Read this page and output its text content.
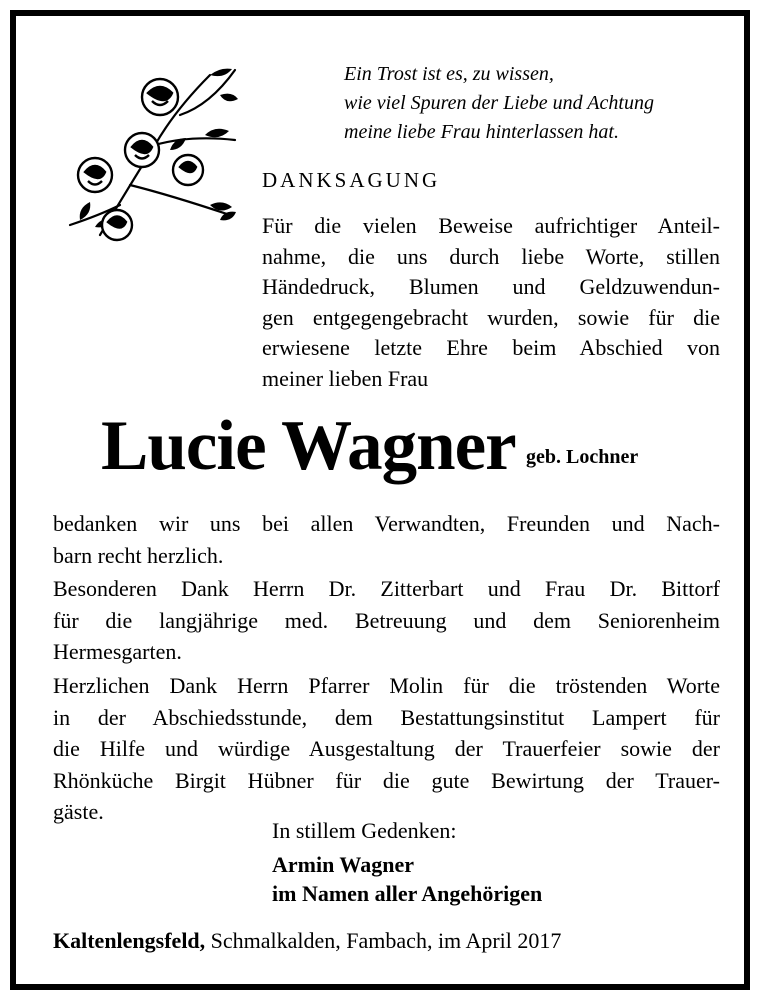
Ein Trost ist es, zu wissen,
wie viel Spuren der Liebe und Achtung
meine liebe Frau hinterlassen hat.
DANKSAGUNG
Für die vielen Beweise aufrichtiger Anteil-
nahme, die uns durch liebe Worte, stillen
Händedruck, Blumen und Geldzuwendun-
gen entgegengebracht wurden, sowie für die
erwiesene letzte Ehre beim Abschied von
meiner lieben Frau
Lucie Wagner geb. Lochner
bedanken wir uns bei allen Verwandten, Freunden und Nach-
barn recht herzlich.
Besonderen Dank Herrn Dr. Zitterbart und Frau Dr. Bittorf
für die langjährige med. Betreuung und dem Seniorenheim
Hermesgarten.
Herzlichen Dank Herrn Pfarrer Molin für die tröstenden Worte
in der Abschiedsstunde, dem Bestattungsinstitut Lampert für
die Hilfe und würdige Ausgestaltung der Trauerfeier sowie der
Rhönküche Birgit Hübner für die gute Bewirtung der Trauer-
gäste.
In stillem Gedenken:
Armin Wagner
im Namen aller Angehörigen
Kaltenlengsfeld, Schmalkalden, Fambach, im April 2017
